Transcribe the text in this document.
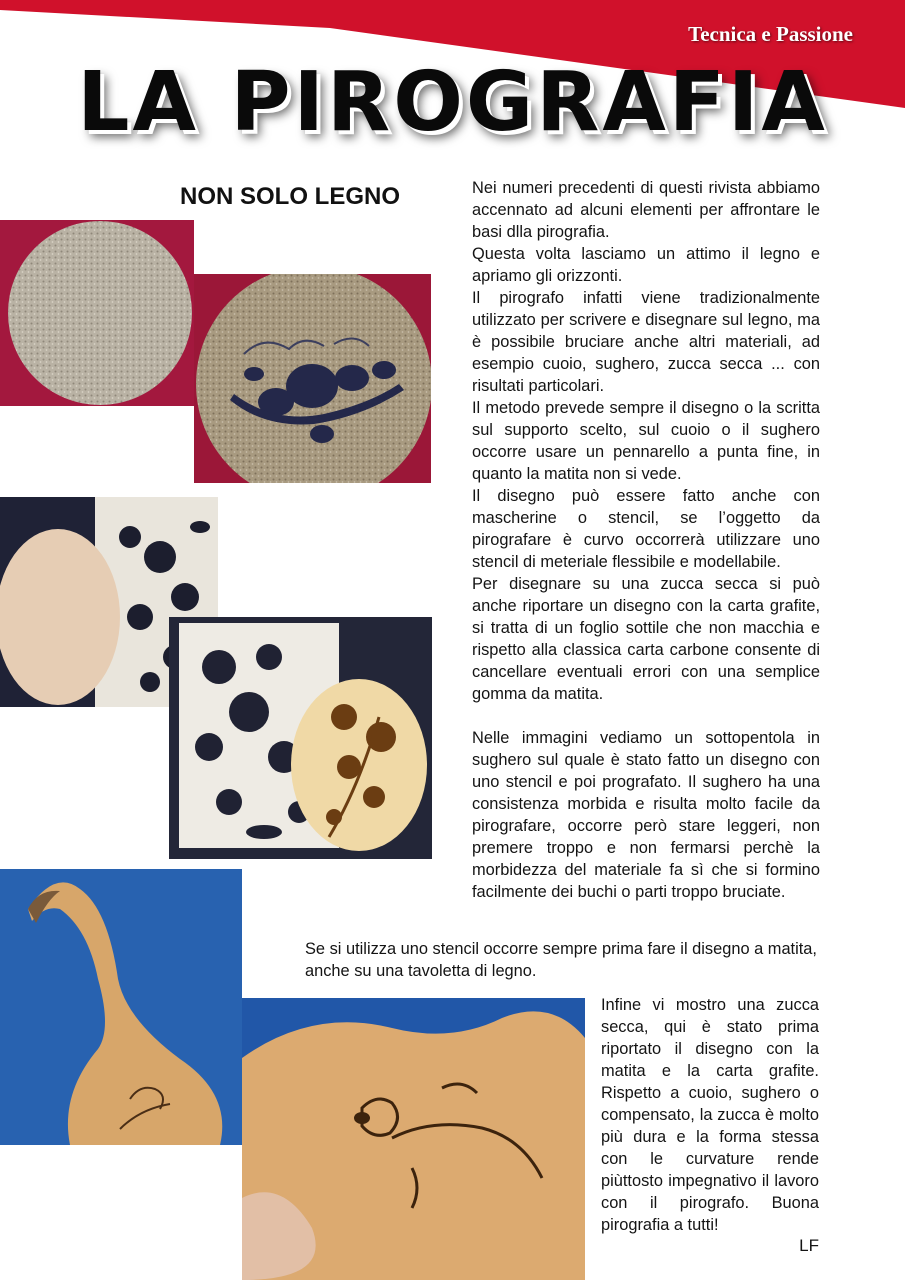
Tecnica e Passione
LA PIROGRAFIA
NON SOLO LEGNO	Nei numeri precedenti di questi rivista abbiamo accennato ad alcuni elementi per affrontare le basi dlla pirografia.

Questa volta lasciamo un attimo il legno e apriamo gli orizzonti.

Il pirografo infatti viene tradizionalmente utilizzato per scrivere e disegnare sul legno, ma è possibile bruciare anche altri materiali, ad esempio cuoio, sughero, zucca secca ... con risultati particolari.

Il metodo prevede sempre il disegno o la scritta sul supporto scelto, sul cuoio o il sughero occorre usare un pennarello a punta fine, in quanto la matita non si vede.

Il disegno può essere fatto anche con mascherine o stencil, se l’oggetto da pirografare è curvo occorrerà utilizzare uno stencil di meteriale flessibile e modellabile.

Per disegnare su una zucca secca si può anche riportare un disegno con la carta grafite, si tratta di un foglio sottile che non macchia e rispetto alla classica carta carbone consente di cancellare eventuali errori con una semplice gomma da matita.

Nelle immagini vediamo un sottopentola in sughero sul quale è stato fatto un disegno con uno stencil e poi prografato. Il sughero ha una consistenza morbida e risulta molto facile da pirografare, occorre però stare leggeri, non premere troppo e non fermarsi perchè la morbidezza del materiale fa sì che si formino facilmente dei buchi o parti troppo bruciate.

Se si utilizza uno stencil occorre sempre prima fare il disegno a matita, anche su una tavoletta di legno.

Infine vi mostro una zucca secca, qui è stato prima riportato il disegno con la matita e la carta grafite. Rispetto a cuoio, sughero o compensato, la zucca è molto più dura e la forma stessa con le curvature rende piùttosto impegnativo il lavoro con il pirografo. Buona pirografia a tutti!

LF
